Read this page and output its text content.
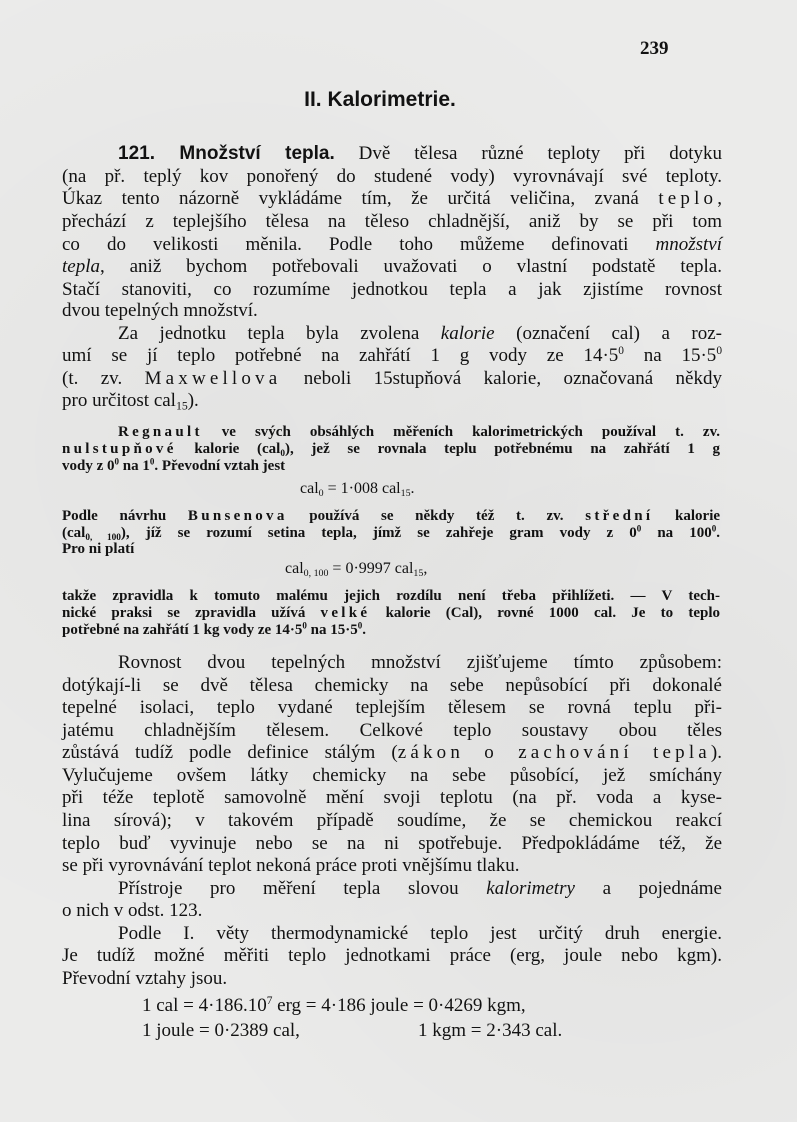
239
II. Kalorimetrie.
121. Množství tepla. Dvě tělesa různé teploty při dotyku
(na př. teplý kov ponořený do studené vody) vyrovnávají své teploty.
Úkaz tento názorně vykládáme tím, že určitá veličina, zvaná teplo,
přechází z teplejšího tělesa na těleso chladnější, aniž by se při tom
co do velikosti měnila. Podle toho můžeme definovati množství
tepla, aniž bychom potřebovali uvažovati o vlastní podstatě tepla.
Stačí stanoviti, co rozumíme jednotkou tepla a jak zjistíme rovnost
dvou tepelných množství.
Za jednotku tepla byla zvolena kalorie (označení cal) a roz-
umí se jí teplo potřebné na zahřátí 1 g vody ze $14\cdot 5^0$ na $15\cdot 5^0$
(t. zv. Maxwellova neboli 15stupňová kalorie, označovaná někdy
pro určitost cal$_{15}$).
Regnault ve svých obsáhlých měřeních kalorimetrických používal t. zv.
nulstupňové kalorie (cal$_0$), jež se rovnala teplu potřebnému na zahřátí 1 g
vody z $0^0$ na $1^0$. Převodní vztah jest
cal$_0$ = 1·008 cal$_{15}$.
Podle návrhu Bunsenova používá se někdy též t. zv. střední kalorie
(cal$_{0, 100}$), jíž se rozumí setina tepla, jímž se zahřeje gram vody z $0^0$ na $100^0$.
Pro ni platí
cal$_{0, 100}$ = 0·9997 cal$_{15}$,
takže zpravidla k tomuto malému jejich rozdílu není třeba přihlížeti. — V tech-
nické praksi se zpravidla užívá velké kalorie (Cal), rovné 1000 cal. Je to teplo
potřebné na zahřátí 1 kg vody ze $14\cdot 5^0$ na $15\cdot 5^0$.
Rovnost dvou tepelných množství zjišťujeme tímto způsobem:
dotýkají-li se dvě tělesa chemicky na sebe nepůsobící při dokonalé
tepelné isolaci, teplo vydané teplejším tělesem se rovná teplu při-
jatému chladnějším tělesem. Celkové teplo soustavy obou těles
zůstává tudíž podle definice stálým (zákon o zachování tepla).
Vylučujeme ovšem látky chemicky na sebe působící, jež smíchány
při téže teplotě samovolně mění svoji teplotu (na př. voda a kyse-
lina sírová); v takovém případě soudíme, že se chemickou reakcí
teplo buď vyvinuje nebo se na ni spotřebuje. Předpokládáme též, že
se při vyrovnávání teplot nekoná práce proti vnějšímu tlaku.
Přístroje pro měření tepla slovou kalorimetry a pojednáme
o nich v odst. 123.
Podle I. věty thermodynamické teplo jest určitý druh energie.
Je tudíž možné měřiti teplo jednotkami práce (erg, joule nebo kgm).
Převodní vztahy jsou.
1 cal = $4\cdot 186.10^7$ erg = 4·186 joule = 0·4269 kgm,
1 joule = 0·2389 cal,	1 kgm = 2·343 cal.
